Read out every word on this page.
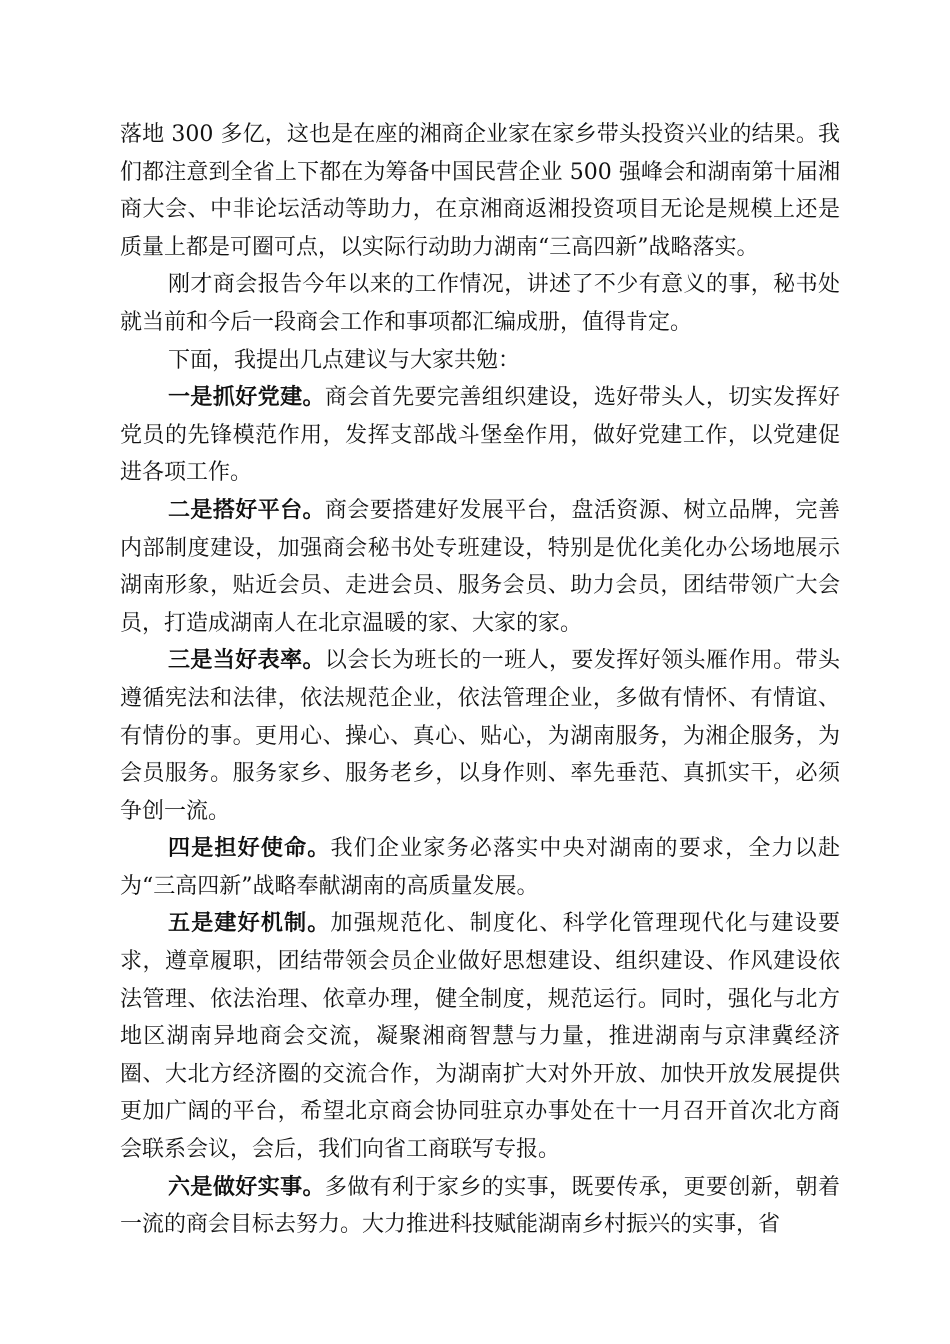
落地 300 多亿，这也是在座的湘商企业家在家乡带头投资兴业的结果。我们都注意到全省上下都在为筹备中国民营企业 500 强峰会和湖南第十届湘商大会、中非论坛活动等助力，在京湘商返湘投资项目无论是规模上还是质量上都是可圈可点，以实际行动助力湖南“三高四新”战略落实。

刚才商会报告今年以来的工作情况，讲述了不少有意义的事，秘书处就当前和今后一段商会工作和事项都汇编成册，值得肯定。

下面，我提出几点建议与大家共勉：

一是抓好党建。商会首先要完善组织建设，选好带头人，切实发挥好党员的先锋模范作用，发挥支部战斗堡垒作用，做好党建工作，以党建促进各项工作。

二是搭好平台。商会要搭建好发展平台，盘活资源、树立品牌，完善内部制度建设，加强商会秘书处专班建设，特别是优化美化办公场地展示湖南形象，贴近会员、走进会员、服务会员、助力会员，团结带领广大会员，打造成湖南人在北京温暖的家、大家的家。

三是当好表率。以会长为班长的一班人，要发挥好领头雁作用。带头遵循宪法和法律，依法规范企业，依法管理企业，多做有情怀、有情谊、有情份的事。更用心、操心、真心、贴心，为湖南服务，为湘企服务，为会员服务。服务家乡、服务老乡，以身作则、率先垂范、真抓实干，必须争创一流。

四是担好使命。我们企业家务必落实中央对湖南的要求，全力以赴为“三高四新”战略奉献湖南的高质量发展。

五是建好机制。加强规范化、制度化、科学化管理现代化与建设要求，遵章履职，团结带领会员企业做好思想建设、组织建设、作风建设依法管理、依法治理、依章办理，健全制度，规范运行。同时，强化与北方地区湖南异地商会交流，凝聚湘商智慧与力量，推进湖南与京津冀经济圈、大北方经济圈的交流合作，为湖南扩大对外开放、加快开放发展提供更加广阔的平台，希望北京商会协同驻京办事处在十一月召开首次北方商会联系会议，会后，我们向省工商联写专报。

六是做好实事。多做有利于家乡的实事，既要传承，更要创新，朝着一流的商会目标去努力。大力推进科技赋能湖南乡村振兴的实事，省
